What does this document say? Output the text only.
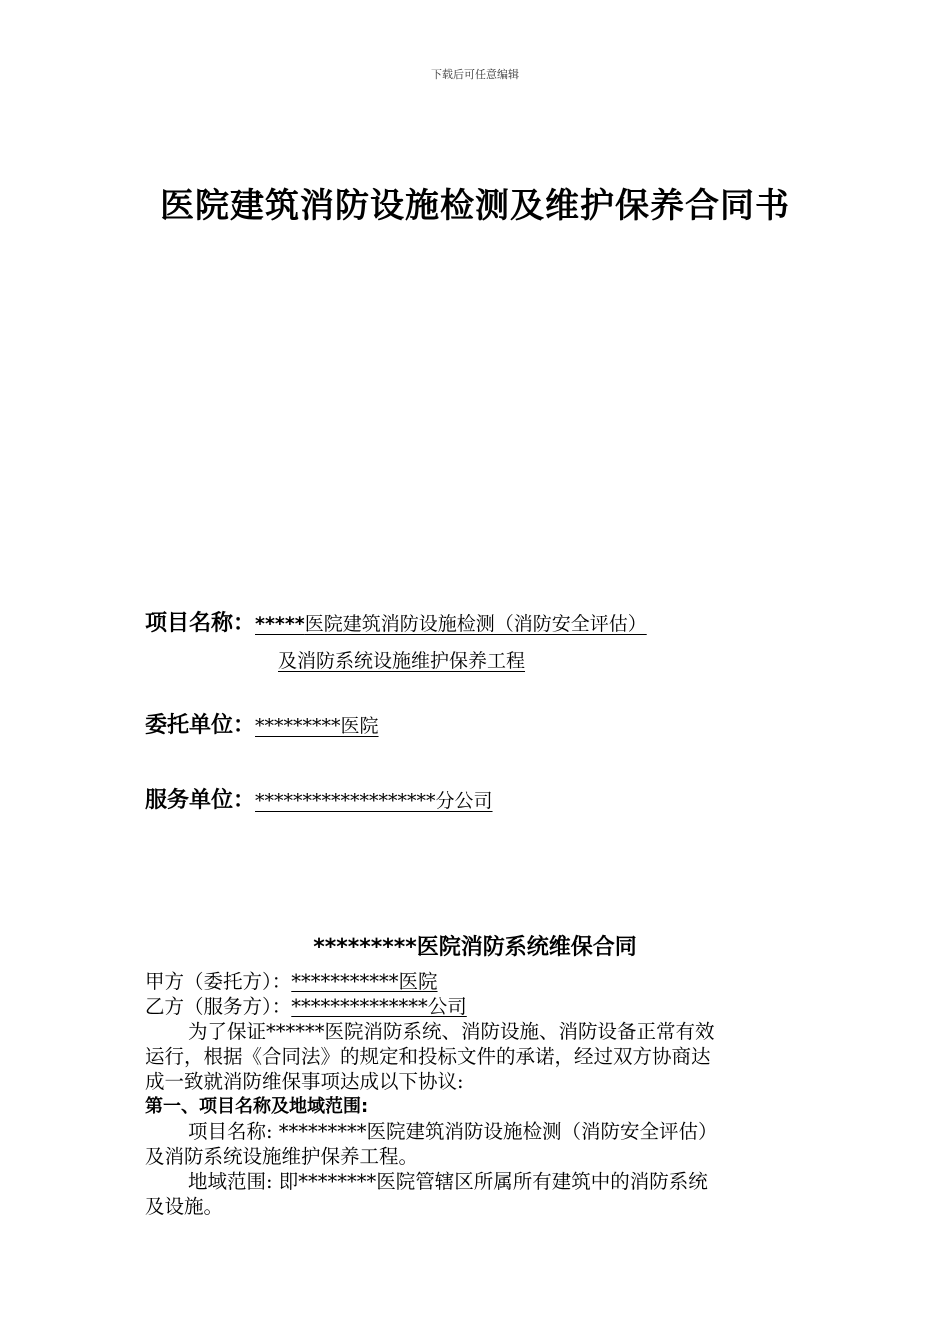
下载后可任意编辑
医院建筑消防设施检测及维护保养合同书
项目名称：*****医院建筑消防设施检测（消防安全评估）
及消防系统设施维护保养工程
委托单位：*********医院
服务单位：*******************分公司
*********医院消防系统维保合同
甲方（委托方）：***********医院
乙方（服务方）：**************公司
为了保证******医院消防系统、消防设施、消防设备正常有效
运行，根据《合同法》的规定和投标文件的承诺，经过双方协商达
成一致就消防维保事项达成以下协议:
第一、项目名称及地域范围:
项目名称: *********医院建筑消防设施检测（消防安全评估）
及消防系统设施维护保养工程。
地域范围: 即********医院管辖区所属所有建筑中的消防系统
及设施。
